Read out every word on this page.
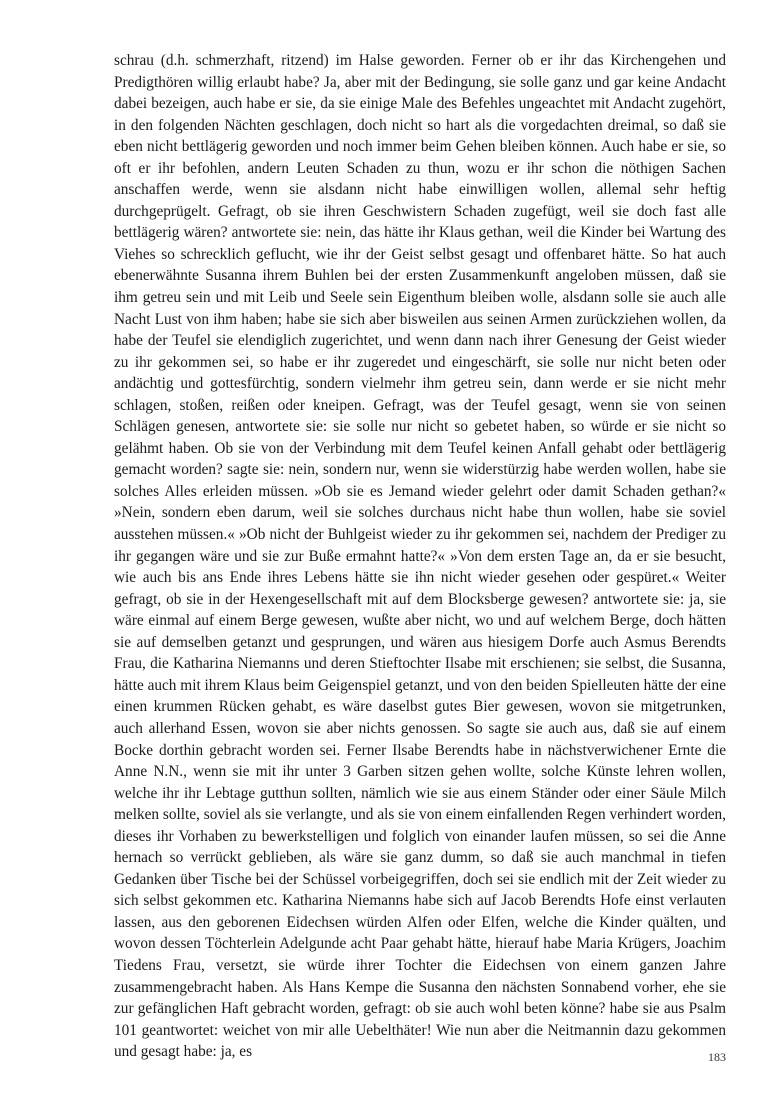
schrau (d.h. schmerzhaft, ritzend) im Halse geworden. Ferner ob er ihr das Kirchengehen und Predigthören willig erlaubt habe? Ja, aber mit der Bedingung, sie solle ganz und gar keine Andacht dabei bezeigen, auch habe er sie, da sie einige Male des Befehles ungeachtet mit Andacht zugehört, in den folgenden Nächten geschlagen, doch nicht so hart als die vorgedachten dreimal, so daß sie eben nicht bettlägerig geworden und noch immer beim Gehen bleiben können. Auch habe er sie, so oft er ihr befohlen, andern Leuten Schaden zu thun, wozu er ihr schon die nöthigen Sachen anschaffen werde, wenn sie alsdann nicht habe einwilligen wollen, allemal sehr heftig durchgeprügelt. Gefragt, ob sie ihren Geschwistern Schaden zugefügt, weil sie doch fast alle bettlägerig wären? antwortete sie: nein, das hätte ihr Klaus gethan, weil die Kinder bei Wartung des Viehes so schrecklich geflucht, wie ihr der Geist selbst gesagt und offenbaret hätte. So hat auch ebenerwähnte Susanna ihrem Buhlen bei der ersten Zusammenkunft angeloben müssen, daß sie ihm getreu sein und mit Leib und Seele sein Eigenthum bleiben wolle, alsdann solle sie auch alle Nacht Lust von ihm haben; habe sie sich aber bisweilen aus seinen Armen zurückziehen wollen, da habe der Teufel sie elendiglich zugerichtet, und wenn dann nach ihrer Genesung der Geist wieder zu ihr gekommen sei, so habe er ihr zugeredet und eingeschärft, sie solle nur nicht beten oder andächtig und gottesfürchtig, sondern vielmehr ihm getreu sein, dann werde er sie nicht mehr schlagen, stoßen, reißen oder kneipen. Gefragt, was der Teufel gesagt, wenn sie von seinen Schlägen genesen, antwortete sie: sie solle nur nicht so gebetet haben, so würde er sie nicht so gelähmt haben. Ob sie von der Verbindung mit dem Teufel keinen Anfall gehabt oder bettlägerig gemacht worden? sagte sie: nein, sondern nur, wenn sie widerstürzig habe werden wollen, habe sie solches Alles erleiden müssen. »Ob sie es Jemand wieder gelehrt oder damit Schaden gethan?« »Nein, sondern eben darum, weil sie solches durchaus nicht habe thun wollen, habe sie soviel ausstehen müssen.« »Ob nicht der Buhlgeist wieder zu ihr gekommen sei, nachdem der Prediger zu ihr gegangen wäre und sie zur Buße ermahnt hatte?« »Von dem ersten Tage an, da er sie besucht, wie auch bis ans Ende ihres Lebens hätte sie ihn nicht wieder gesehen oder gespüret.« Weiter gefragt, ob sie in der Hexengesellschaft mit auf dem Blocksberge gewesen? antwortete sie: ja, sie wäre einmal auf einem Berge gewesen, wußte aber nicht, wo und auf welchem Berge, doch hätten sie auf demselben getanzt und gesprungen, und wären aus hiesigem Dorfe auch Asmus Berendts Frau, die Katharina Niemanns und deren Stieftochter Ilsabe mit erschienen; sie selbst, die Susanna, hätte auch mit ihrem Klaus beim Geigenspiel getanzt, und von den beiden Spielleuten hätte der eine einen krummen Rücken gehabt, es wäre daselbst gutes Bier gewesen, wovon sie mitgetrunken, auch allerhand Essen, wovon sie aber nichts genossen. So sagte sie auch aus, daß sie auf einem Bocke dorthin gebracht worden sei. Ferner Ilsabe Berendts habe in nächstverwichener Ernte die Anne N.N., wenn sie mit ihr unter 3 Garben sitzen gehen wollte, solche Künste lehren wollen, welche ihr ihr Lebtage gutthun sollten, nämlich wie sie aus einem Ständer oder einer Säule Milch melken sollte, soviel als sie verlangte, und als sie von einem einfallenden Regen verhindert worden, dieses ihr Vorhaben zu bewerkstelligen und folglich von einander laufen müssen, so sei die Anne hernach so verrückt geblieben, als wäre sie ganz dumm, so daß sie auch manchmal in tiefen Gedanken über Tische bei der Schüssel vorbeigegriffen, doch sei sie endlich mit der Zeit wieder zu sich selbst gekommen etc. Katharina Niemanns habe sich auf Jacob Berendts Hofe einst verlauten lassen, aus den geborenen Eidechsen würden Alfen oder Elfen, welche die Kinder quälten, und wovon dessen Töchterlein Adelgunde acht Paar gehabt hätte, hierauf habe Maria Krügers, Joachim Tiedens Frau, versetzt, sie würde ihrer Tochter die Eidechsen von einem ganzen Jahre zusammengebracht haben. Als Hans Kempe die Susanna den nächsten Sonnabend vorher, ehe sie zur gefänglichen Haft gebracht worden, gefragt: ob sie auch wohl beten könne? habe sie aus Psalm 101 geantwortet: weichet von mir alle Uebelthäter! Wie nun aber die Neitmannin dazu gekommen und gesagt habe: ja, es	183
